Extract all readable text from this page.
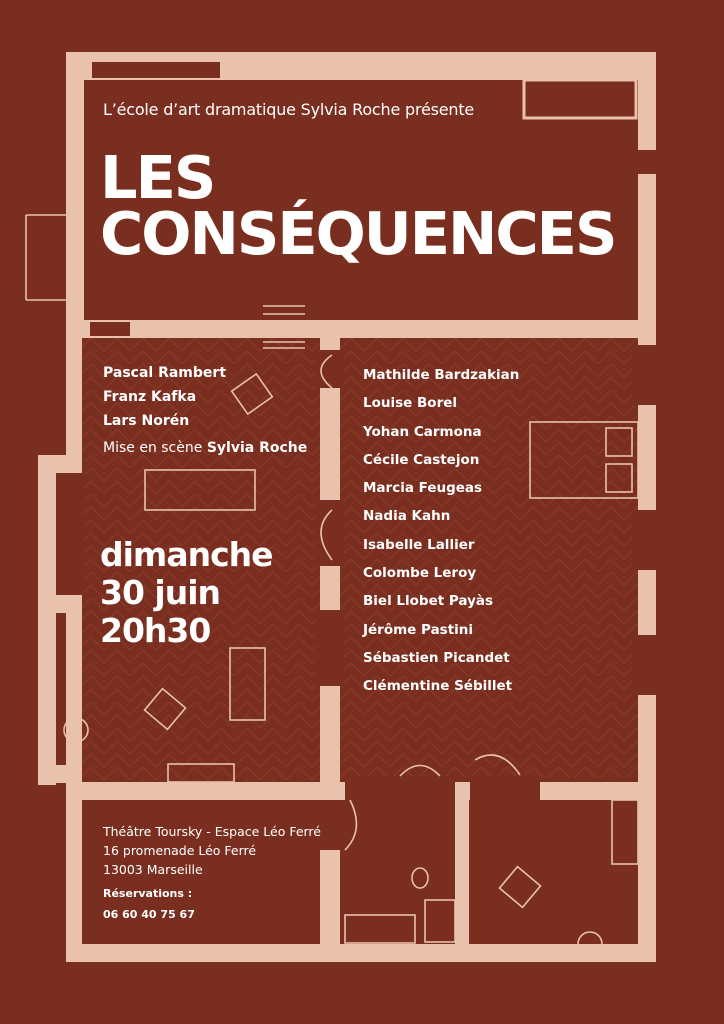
L’école d’art dramatique Sylvia Roche présente

LES
CONSÉQUENCES
Pascal Rambert
Franz Kafka
Lars Norén

Mise en scène Sylvia Roche

dimanche
30 juin
20h30
Mathilde Bardzakian
Louise Borel
Yohan Carmona
Cécile Castejon
Marcia Feugeas
Nadia Kahn
Isabelle Lallier
Colombe Leroy
Biel Llobet Payàs
Jérôme Pastini
Sébastien Picandet
Clémentine Sébillet
Théâtre Toursky - Espace Léo Ferré
16 promenade Léo Ferré
13003 Marseille
Réservations :
06 60 40 75 67
